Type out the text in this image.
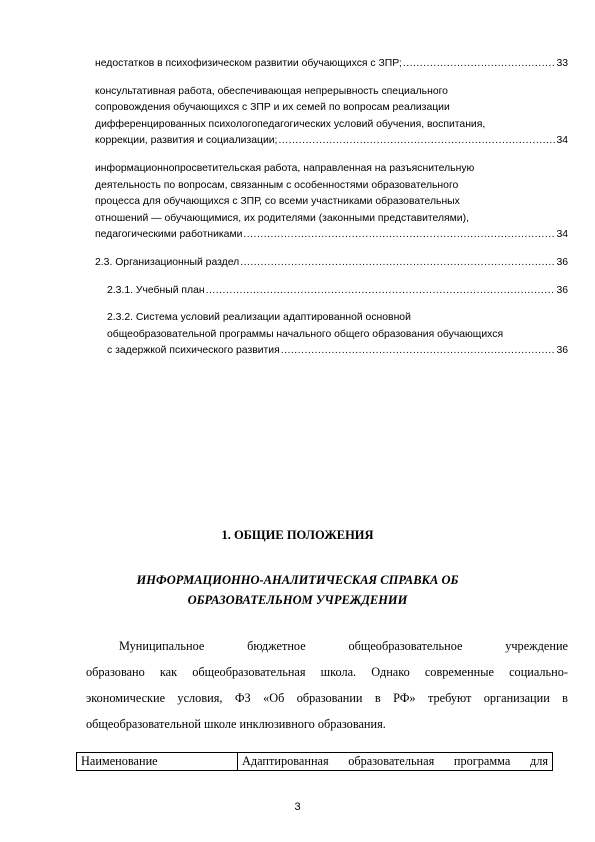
недостатков в психофизическом развитии обучающихся с ЗПР; .....	33
консультативная работа, обеспечивающая непрерывность специального
сопровождения обучающихся с ЗПР и их семей по вопросам реализации
дифференцированных психологопедагогических условий обучения, воспитания,
коррекции, развития и социализации; .....	34
информационнопросветительская работа, направленная на разъяснительную
деятельность по вопросам, связанным с особенностями образовательного
процесса для обучающихся с ЗПР, со всеми участниками образовательных
отношений — обучающимися, их родителями (законными представителями),
педагогическими работниками .....	34
2.3. Организационный раздел .....	36
2.3.1. Учебный план .....	36
2.3.2. Система условий реализации адаптированной основной
общеобразовательной программы начального общего образования обучающихся
с задержкой психического развития .....	36
1. ОБЩИЕ ПОЛОЖЕНИЯ
ИНФОРМАЦИОННО-АНАЛИТИЧЕСКАЯ СПРАВКА ОБ
ОБРАЗОВАТЕЛЬНОМ УЧРЕЖДЕНИИ
Муниципальное бюджетное общеобразовательное учреждение
образовано как общеобразовательная школа. Однако современные социально-
экономические условия, ФЗ «Об образовании в РФ» требуют организации в
общеобразовательной школе инклюзивного образования.
Наименование	Адаптированная образовательная программа для
3
